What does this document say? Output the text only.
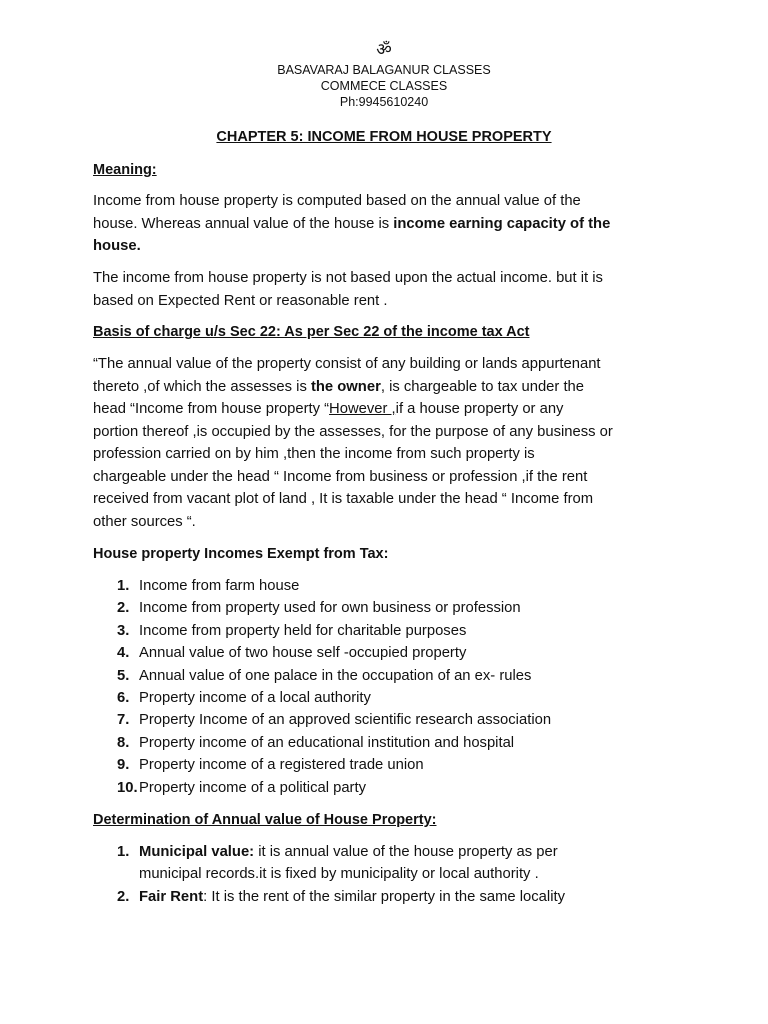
ॐ
BASAVARAJ BALAGANUR CLASSES
COMMECE CLASSES
Ph:9945610240
CHAPTER 5: INCOME FROM HOUSE PROPERTY
Meaning:
Income from house property is computed based on the annual value of the
house. Whereas annual value of the house is income earning capacity of the
house.
The income from house property is not based upon the actual income. but it is
based on Expected Rent or reasonable rent .
Basis of charge u/s Sec 22: As per Sec 22 of the income tax Act
“The annual value of the property consist of any building or lands appurtenant
thereto ,of which the assesses is the owner, is chargeable to tax under the
head “Income from house property “However ,if a house property or any
portion thereof ,is occupied by the assesses, for the purpose of any business or
profession carried on by him ,then the income from such property is
chargeable under the head “ Income from business or profession ,if the rent
received from vacant plot of land , It is taxable under the head “ Income from
other sources “.
House property Incomes Exempt from Tax:
1. Income from farm house
2. Income from property used for own business or profession
3. Income from property held for charitable purposes
4. Annual value of two house self -occupied property
5. Annual value of one palace in the occupation of an ex- rules
6. Property income of a local authority
7. Property Income of an approved scientific research association
8. Property income of an educational institution and hospital
9. Property income of a registered trade union
10. Property income of a political party
Determination of Annual value of House Property:
1. Municipal value: it is annual value of the house property as per
municipal records.it is fixed by municipality or local authority .
2. Fair Rent: It is the rent of the similar property in the same locality
